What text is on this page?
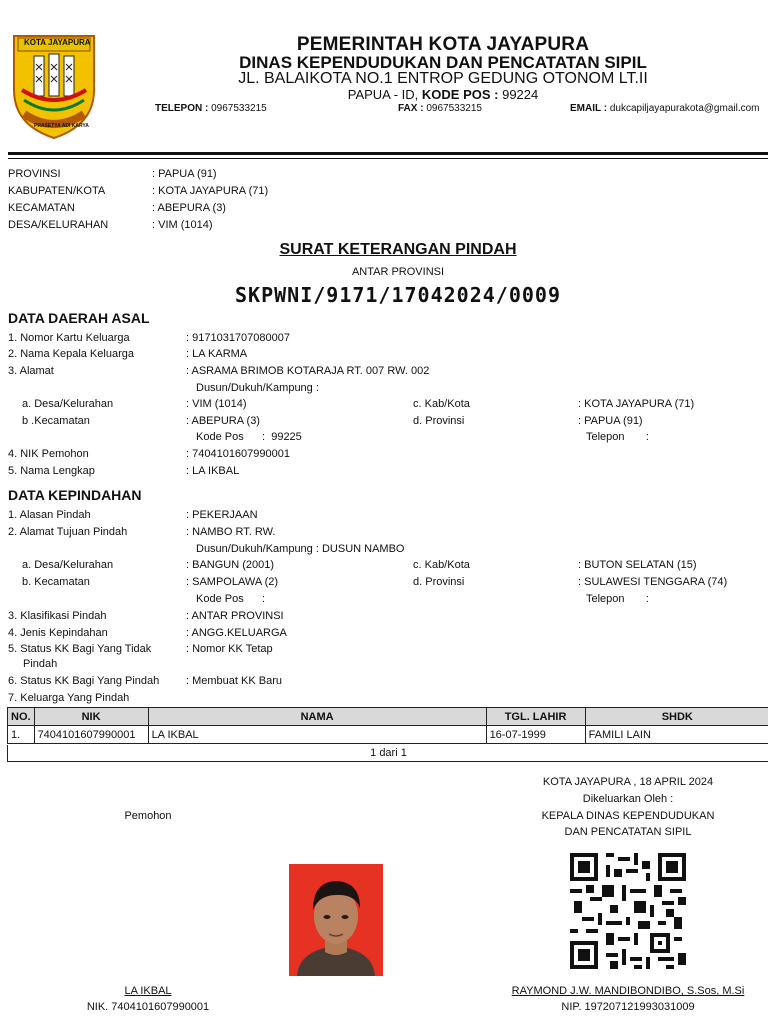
KOTA JAYAPURA
PRASETYA ADI KARYA
PEMERINTAH KOTA JAYAPURA
DINAS KEPENDUDUKAN DAN PENCATATAN SIPIL
JL. BALAIKOTA NO.1 ENTROP GEDUNG OTONOM LT.II
PAPUA - ID, KODE POS : 99224
TELEPON : 0967533215	FAX : 0967533215	EMAIL : dukcapiljayapurakota@gmail.com
PROVINSI	: PAPUA (91)
KABUPATEN/KOTA	: KOTA JAYAPURA (71)
KECAMATAN	: ABEPURA (3)
DESA/KELURAHAN	: VIM (1014)
SURAT KETERANGAN PINDAH
ANTAR PROVINSI
SKPWNI/9171/17042024/0009
DATA DAERAH ASAL
1. Nomor Kartu Keluarga	: 9171031707080007
2. Nama Kepala Keluarga	: LA KARMA
3. Alamat	: ASRAMA BRIMOB KOTARAJA RT. 007 RW. 002
Dusun/Dukuh/Kampung :
a. Desa/Kelurahan	: VIM (1014)	c. Kab/Kota	: KOTA JAYAPURA (71)
b .Kecamatan	: ABEPURA (3)	d. Provinsi	: PAPUA (91)
Kode Pos      :  99225	Telepon       :
4. NIK Pemohon	: 7404101607990001
5. Nama Lengkap	: LA IKBAL
DATA KEPINDAHAN
1. Alasan Pindah	: PEKERJAAN
2. Alamat Tujuan Pindah	: NAMBO RT. RW.
Dusun/Dukuh/Kampung : DUSUN NAMBO
a. Desa/Kelurahan	: BANGUN (2001)	c. Kab/Kota	: BUTON SELATAN (15)
b. Kecamatan	: SAMPOLAWA (2)	d. Provinsi	: SULAWESI TENGGARA (74)
Kode Pos      :	Telepon       :
3. Klasifikasi Pindah	: ANTAR PROVINSI
4. Jenis Kepindahan	: ANGG.KELUARGA
5. Status KK Bagi Yang Tidak
Pindah
: Nomor KK Tetap
6. Status KK Bagi Yang Pindah : Membuat KK Baru
7. Keluarga Yang Pindah
NO.	NIK	NAMA	TGL. LAHIR	SHDK
1.	7404101607990001	LA IKBAL	16-07-1999	FAMILI LAIN
1 dari 1
KOTA JAYAPURA , 18 APRIL 2024
Dikeluarkan Oleh :
KEPALA DINAS KEPENDUDUKAN
DAN PENCATATAN SIPIL
Pemohon
LA IKBAL
NIK. 7404101607990001
RAYMOND J.W. MANDIBONDIBO, S.Sos, M.Si
NIP. 197207121993031009
